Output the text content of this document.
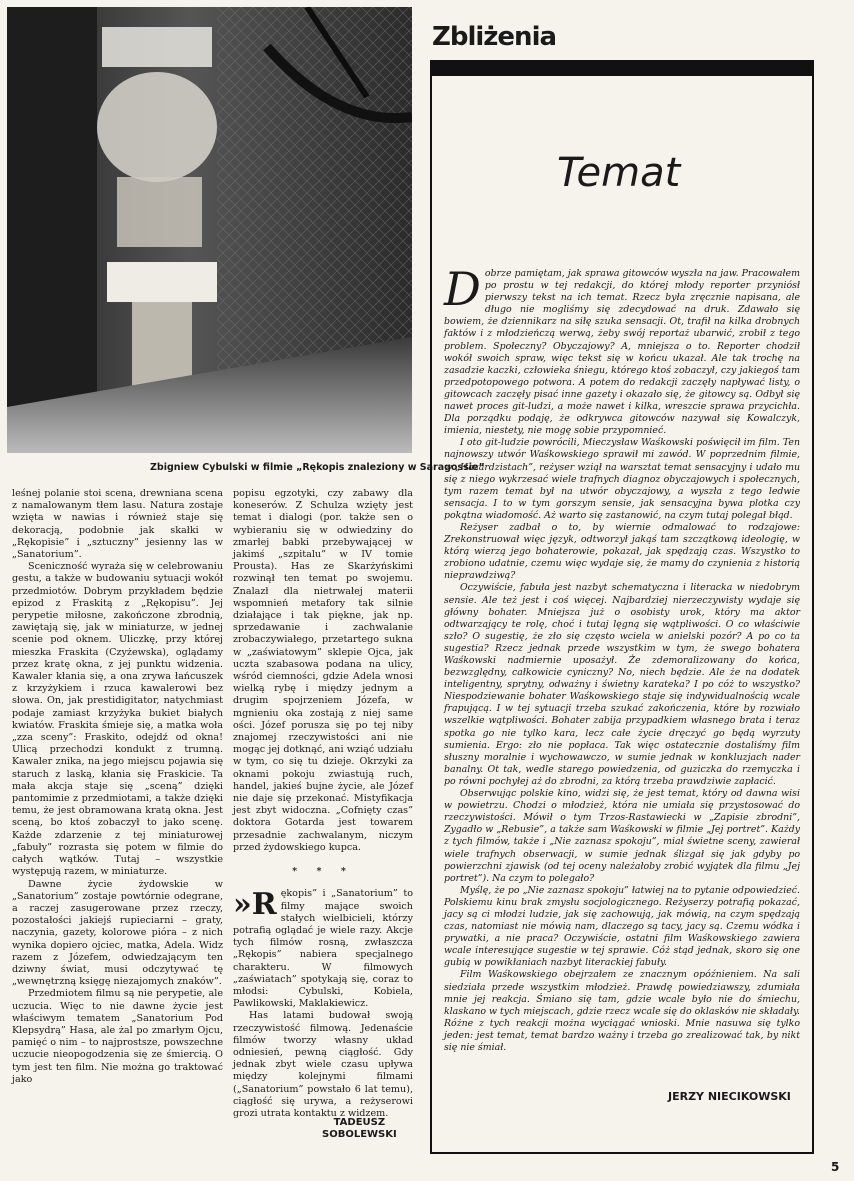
Zbigniew Cybulski w filmie „Rękopis znaleziony w Saragossie”
Zbliżenia
Temat

leśnej polanie stoi scena, drewniana scena z namalowanym tłem lasu. Natura zostaje wzięta w nawias i również staje się dekoracją, podobnie jak skałki w „Rękopisie” i „sztuczny” jesienny las w „Sanatorium”.

Sceniczność wyraża się w celebrowaniu gestu, a także w budowaniu sytuacji wokół przedmiotów. Dobrym przykładem będzie epizod z Fraskitą z „Rękopisu”. Jej perypetie miłosne, zakończone zbrodnią, zawiętają się, jak w miniaturze, w jednej scenie pod oknem. Uliczkę, przy której mieszka Fraskita (Czyżewska), oglądamy przez kratę okna, z jej punktu widzenia. Kawaler kłania się, a ona zrywa łańcuszek z krzyżykiem i rzuca kawalerowi bez słowa. On, jak prestidigitator, natychmiast podaje zamiast krzyżyka bukiet białych kwiatów. Fraskita śmieje się, a matka woła „zza sceny”: Fraskito, odejdź od okna! Ulicą przechodzi kondukt z trumną. Kawaler znika, na jego miejscu pojawia się staruch z laską, kłania się Fraskicie. Ta mała akcja staje się „sceną” dzięki pantomimie z przedmiotami, a także dzięki temu, że jest obramowana kratą okna. Jest sceną, bo ktoś zobaczył to jako scenę. Każde zdarzenie z tej miniaturowej „fabuły” rozrasta się potem w filmie do całych wątków. Tutaj – wszystkie występują razem, w miniaturze.

Dawne życie żydowskie w „Sanatorium” zostaje powtórnie odegrane, a raczej zasugerowane przez rzeczy, pozostałości jakiejś rupieciarni – graty, naczynia, gazety, kolorowe pióra – z nich wynika dopiero ojciec, matka, Adela. Widz razem z Józefem, odwiedzającym ten dziwny świat, musi odczytywać tę „wewnętrzną księgę niezajomych znaków”.

Przedmiotem filmu są nie perypetie, ale uczucia. Więc to nie dawne życie jest właściwym tematem „Sanatorium Pod Klepsydrą” Hasa, ale żal po zmarłym Ojcu, pamięć o nim – to najprostsze, powszechne uczucie nieopogodzenia się ze śmiercią. O tym jest ten film. Nie można go traktować jako

popisu egzotyki, czy zabawy dla koneserów. Z Schulza wzięty jest temat i dialogi (por. także sen o wybieraniu się w odwiedziny do zmarłej babki przebywającej w jakimś „szpitalu” w IV tomie Prousta). Has ze Skarżyńskimi rozwinął ten temat po swojemu. Znalazł dla nietrwałej materii wspomnień metafory tak silnie działające i tak piękne, jak np. sprzedawanie i zachwalanie zrobaczywiałego, przetartego sukna w „zaświatowym” sklepie Ojca, jak uczta szabasowa podana na ulicy, wśród ciemności, gdzie Adela wnosi wielką rybę i między jednym a drugim spojrzeniem Józefa, w mgnieniu oka zostają z niej same ości. Józef porusza się po tej niby znajomej rzeczywistości ani nie mogąc jej dotknąć, ani wziąć udziału w tym, co się tu dzieje. Okrzyki za oknami pokoju zwiastują ruch, handel, jakieś bujne życie, ale Józef nie daje się przekonać. Mistyfikacja jest zbyt widoczna. „Cofnięty czas” doktora Gotarda jest towarem przesadnie zachwalanym, niczym przed żydowskiego kupca.

* * *

»R ękopis” i „Sanatorium” to filmy mające swoich stałych wielbicieli, którzy potrafią oglądać je wiele razy. Akcje tych filmów rosną, zwłaszcza „Rękopis” nabiera specjalnego charakteru. W filmowych „zaświatach” spotykają się, coraz to młodsi: Cybulski, Kobiela, Pawlikowski, Maklakiewicz.

Has latami budował swoją rzeczywistość filmową. Jedenaście filmów tworzy własny układ odniesień, pewną ciągłość. Gdy jednak zbyt wiele czasu upływa między kolejnymi filmami („Sanatorium” powstało 6 lat temu), ciągłość się urywa, a reżyserowi grozi utrata kontaktu z widzem.

TADEUSZ
SOBOLEWSKI

Dobrze pamiętam, jak sprawa gitowców wyszła na jaw. Pracowałem po prostu w tej redakcji, do której młody reporter przyniósł pierwszy tekst na ich temat. Rzecz była zręcznie napisana, ale długo nie mogliśmy się zdecydować na druk. Zdawało się bowiem, że dziennikarz na siłę szuka sensacji. Ot, trafił na kilka drobnych faktów i z młodzieńczą werwą, żeby swój reportaż ubarwić, zrobił z tego problem. Społeczny? Obyczajowy? A, mniejsza o to. Reporter chodził wokół swoich spraw, więc tekst się w końcu ukazał. Ale tak trochę na zasadzie kaczki, człowieka śniegu, którego ktoś zobaczył, czy jakiegoś tam przedpotopowego potwora. A potem do redakcji zaczęły napływać listy, o gitowcach zaczęły pisać inne gazety i okazało się, że gitowcy są. Odbył się nawet proces git-ludzi, a może nawet i kilka, wreszcie sprawa przycichła. Dla porządku podaję, że odkrywca gitowców nazywał się Kowalczyk, imienia, niestety, nie mogę sobie przypomnieć.

I oto git-ludzie powrócili, Mieczysław Waśkowski poświęcił im film. Ten najnowszy utwór Waśkowskiego sprawił mi zawód. W poprzednim filmie, w „Hazardzistach”, reżyser wziął na warsztat temat sensacyjny i udało mu się z niego wykrzesać wiele trafnych diagnoz obyczajowych i społecznych, tym razem temat był na utwór obyczajowy, a wyszła z tego ledwie sensacja. I to w tym gorszym sensie, jak sensacyjna bywa plotka czy pokątna wiadomość. Aż warto się zastanowić, na czym tutaj polegał błąd.

Reżyser zadbał o to, by wiernie odmalować to rodzajowe: Zrekonstruował więc język, odtworzył jakąś tam szczątkową ideologię, w którą wierzą jego bohaterowie, pokazał, jak spędzają czas. Wszystko to zrobiono udatnie, czemu więc wydaje się, że mamy do czynienia z historią nieprawdziwą?

Oczywiście, fabuła jest nazbyt schematyczna i literacka w niedobrym sensie. Ale też jest i coś więcej. Najbardziej nierzeczywisty wydaje się główny bohater. Mniejsza już o osobisty urok, który ma aktor odtwarzający te rolę, choć i tutaj lęgną się wątpliwości. O co właściwie szło? O sugestię, że zło się często wciela w anielski pozór? A po co ta sugestia? Rzecz jednak przede wszystkim w tym, że swego bohatera Waśkowski nadmiernie uposażył. Że zdemoralizowany do końca, bezwzględny, całkowicie cyniczny? No, niech będzie. Ale że na dodatek inteligentny, sprytny, odważny i świetny karateka? I po cóż to wszystko? Niespodziewanie bohater Waśkowskiego staje się indywidualnością wcale frapującą. I w tej sytuacji trzeba szukać zakończenia, które by rozwiało wszelkie wątpliwości. Bohater zabija przypadkiem własnego brata i teraz spotka go nie tylko kara, lecz całe życie dręczyć go będą wyrzuty sumienia. Ergo: zło nie popłaca. Tak więc ostatecznie dostaliśmy film słuszny moralnie i wychowawczo, w sumie jednak w konkluzjach nader banalny. Ot tak, wedle starego powiedzenia, od guziczka do rzemyczka i po równi pochyłej aż do zbrodni, za którą trzeba prawdziwie zapłacić.

Obserwując polskie kino, widzi się, że jest temat, który od dawna wisi w powietrzu. Chodzi o młodzież, która nie umiała się przystosować do rzeczywistości. Mówił o tym Trzos-Rastawiecki w „Zapisie zbrodni”, Zygadło w „Rebusie”, a także sam Waśkowski w filmie „Jej portret”. Każdy z tych filmów, także i „Nie zaznasz spokoju”, miał świetne sceny, zawierał wiele trafnych obserwacji, w sumie jednak ślizgał się jak gdyby po powierzchni zjawisk (od tej oceny należałoby zrobić wyjątek dla filmu „Jej portret”). Na czym to polegało?

Myślę, że po „Nie zaznasz spokoju” łatwiej na to pytanie odpowiedzieć. Polskiemu kinu brak zmysłu socjologicznego. Reżyserzy potrafią pokazać, jacy są ci młodzi ludzie, jak się zachowują, jak mówią, na czym spędzają czas, natomiast nie mówią nam, dlaczego są tacy, jacy są. Czemu wódka i prywatki, a nie praca? Oczywiście, ostatni film Waśkowskiego zawiera wcale interesujące sugestie w tej sprawie. Cóż stąd jednak, skoro się one gubią w powikłaniach nazbyt literackiej fabuły.

Film Waśkowskiego obejrzałem ze znacznym opóźnieniem. Na sali siedziała przede wszystkim młodzież. Prawdę powiedziawszy, zdumiała mnie jej reakcja. Śmiano się tam, gdzie wcale było nie do śmiechu, klaskano w tych miejscach, gdzie rzecz wcale się do oklasków nie składały. Różne z tych reakcji można wyciągać wnioski. Mnie nasuwa się tylko jeden: jest temat, temat bardzo ważny i trzeba go zrealizować tak, by nikt się nie śmiał.

JERZY NIECIKOWSKI
5
